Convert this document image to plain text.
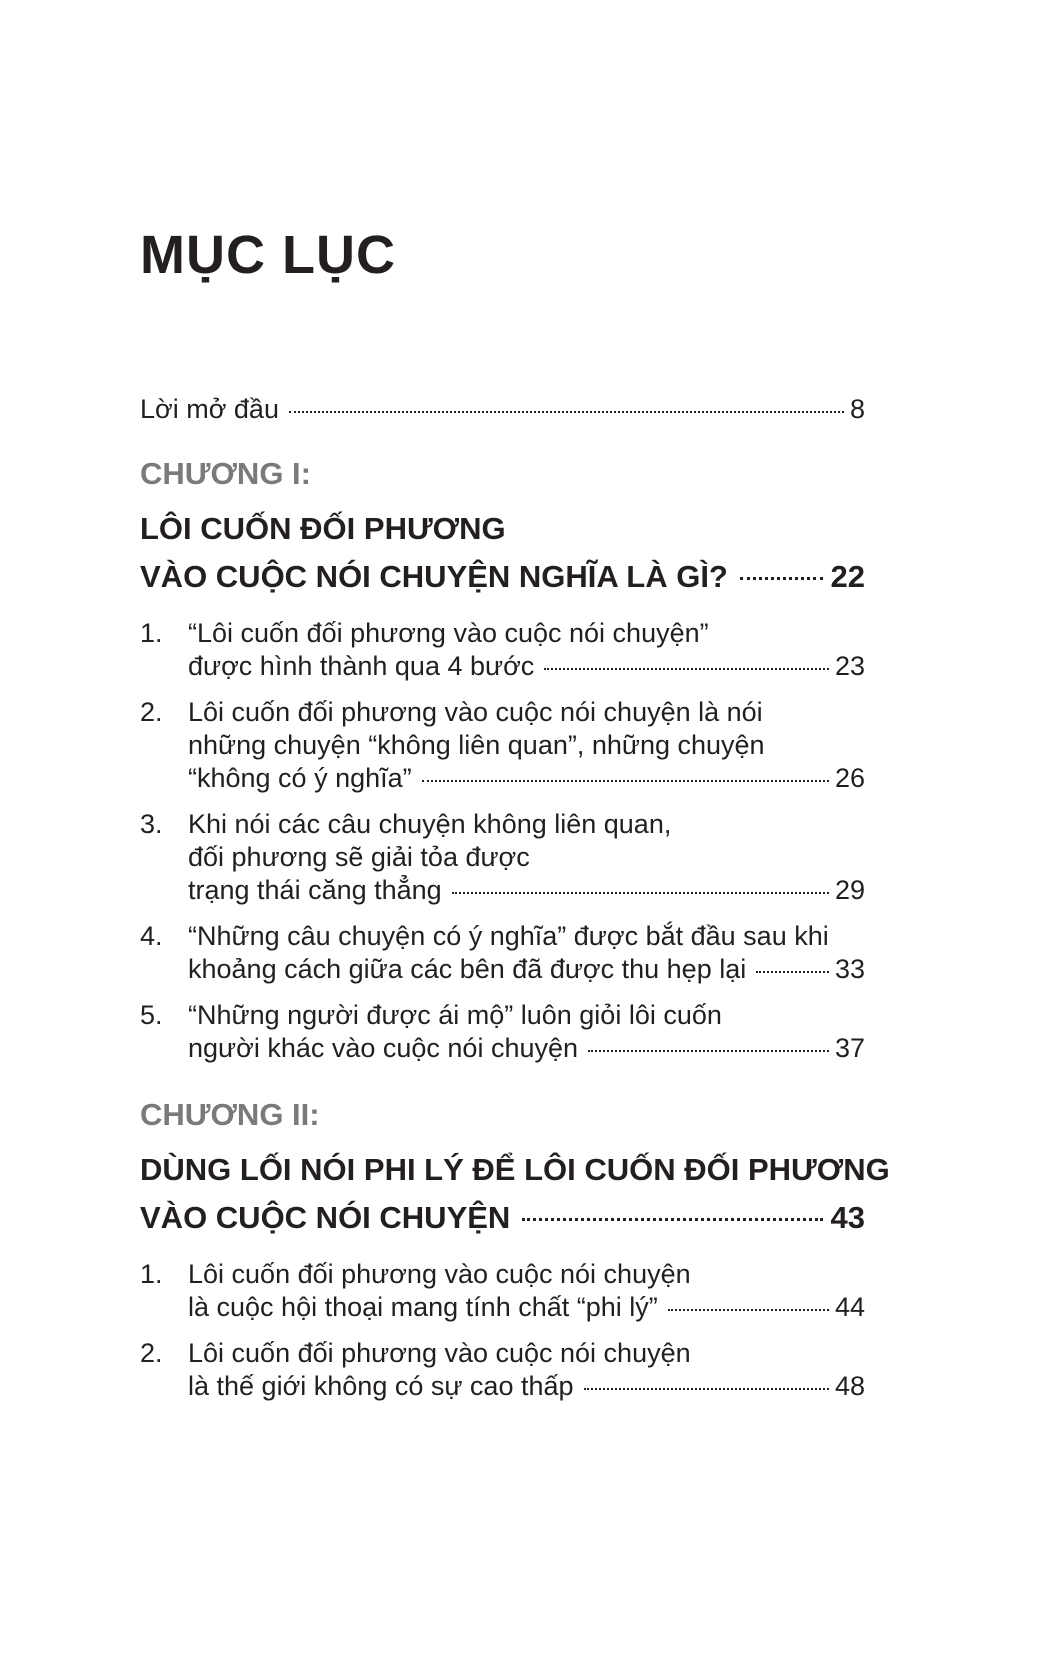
MỤC LỤC
Lời mở đầu	8
CHƯƠNG I:
LÔI CUỐN ĐỐI PHƯƠNG
VÀO CUỘC NÓI CHUYỆN NGHĨA LÀ GÌ?	22
1. “Lôi cuốn đối phương vào cuộc nói chuyện”
được hình thành qua 4 bước	23
2. Lôi cuốn đối phương vào cuộc nói chuyện là nói
những chuyện “không liên quan”, những chuyện
“không có ý nghĩa”	26
3. Khi nói các câu chuyện không liên quan,
đối phương sẽ giải tỏa được
trạng thái căng thẳng	29
4. “Những câu chuyện có ý nghĩa” được bắt đầu sau khi
khoảng cách giữa các bên đã được thu hẹp lại	33
5. “Những người được ái mộ” luôn giỏi lôi cuốn
người khác vào cuộc nói chuyện	37
CHƯƠNG II:
DÙNG LỐI NÓI PHI LÝ ĐỂ LÔI CUỐN ĐỐI PHƯƠNG
VÀO CUỘC NÓI CHUYỆN	43
1. Lôi cuốn đối phương vào cuộc nói chuyện
là cuộc hội thoại mang tính chất “phi lý”	44
2. Lôi cuốn đối phương vào cuộc nói chuyện
là thế giới không có sự cao thấp	48
